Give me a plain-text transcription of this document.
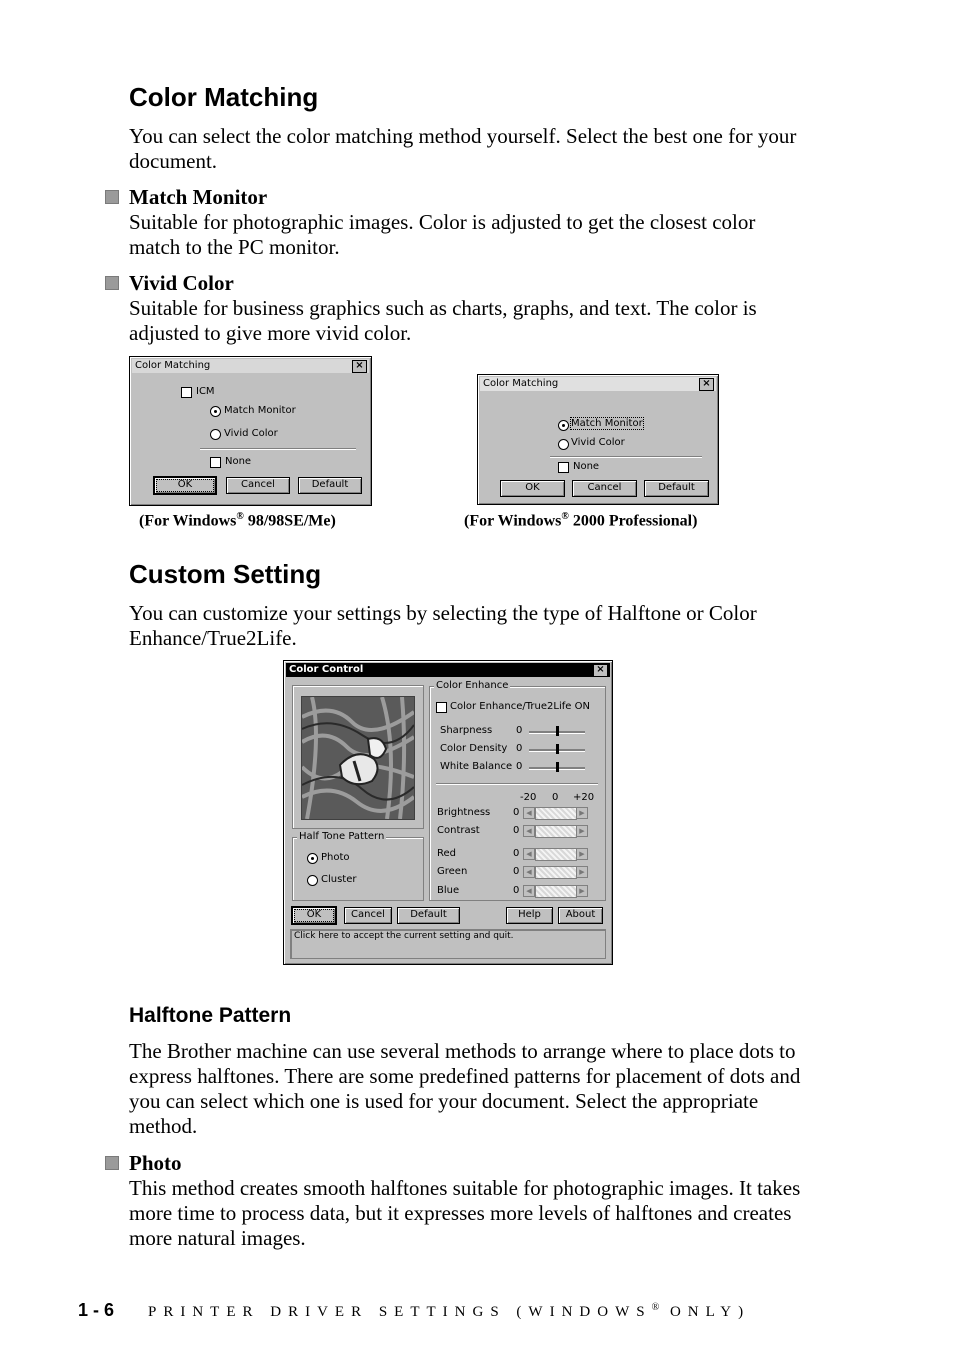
Color Matching
You can select the color matching method yourself. Select the best one for your
document.
Match Monitor
Suitable for photographic images. Color is adjusted to get the closest color
match to the PC monitor.
Vivid Color
Suitable for business graphics such as charts, graphs, and text. The color is
adjusted to give more vivid color.
Color Matching	×
ICM
Match Monitor
Vivid Color
None
OK	Cancel	Default
(For Windows® 98/98SE/Me)
Color Matching	×
Match Monitor
Vivid Color
None
OK	Cancel	Default
(For Windows® 2000 Professional)
Custom Setting
You can customize your settings by selecting the type of Halftone or Color
Enhance/True2Life.
Color Control	×
Half Tone Pattern
Photo
Cluster
Color Enhance
Color Enhance/True2Life ON
Sharpness 0
Color Density 0
White Balance 0
-20 0 +20
Brightness 0 ◀	▶
Contrast	0 ◀	▶
Red	0 ◀	▶
Green	0 ◀	▶
Blue	0 ◀	▶
OK	Cancel	Default	Help	About
Click here to accept the current setting and quit.
Halftone Pattern
The Brother machine can use several methods to arrange where to place dots to
express halftones. There are some predefined patterns for placement of dots and
you can select which one is used for your document. Select the appropriate
method.
Photo
This method creates smooth halftones suitable for photographic images. It takes
more time to process data, but it expresses more levels of halftones and creates
more natural images.
1 - 6 PRINTER DRIVER SETTINGS (WINDOWS® ONLY)
